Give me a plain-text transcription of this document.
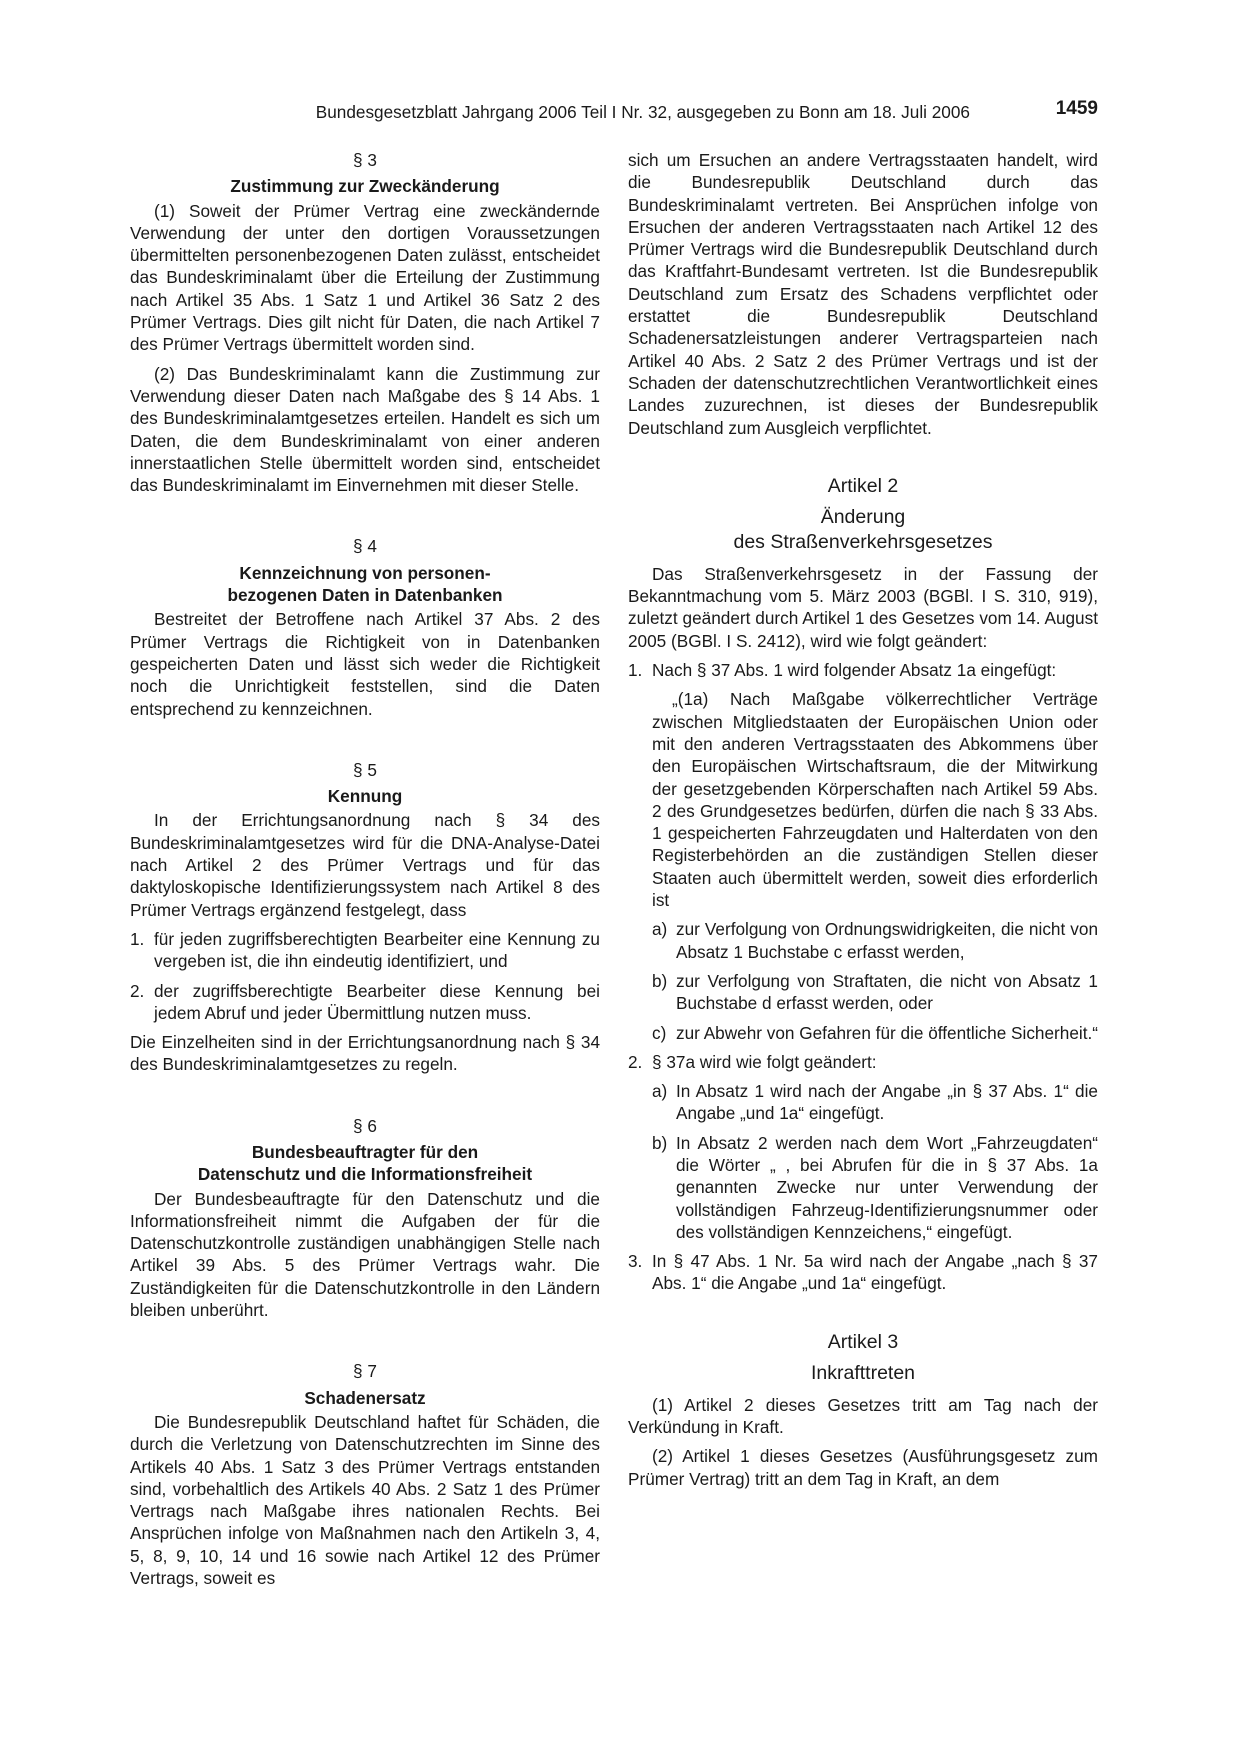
Bundesgesetzblatt Jahrgang 2006 Teil I Nr. 32, ausgegeben zu Bonn am 18. Juli 2006	1459
§ 3
Zustimmung zur Zweckänderung

(1) Soweit der Prümer Vertrag eine zweckändernde Verwendung der unter den dortigen Voraussetzungen übermittelten personenbezogenen Daten zulässt, entscheidet das Bundeskriminalamt über die Erteilung der Zustimmung nach Artikel 35 Abs. 1 Satz 1 und Artikel 36 Satz 2 des Prümer Vertrags. Dies gilt nicht für Daten, die nach Artikel 7 des Prümer Vertrags übermittelt worden sind.

(2) Das Bundeskriminalamt kann die Zustimmung zur Verwendung dieser Daten nach Maßgabe des § 14 Abs. 1 des Bundeskriminalamtgesetzes erteilen. Handelt es sich um Daten, die dem Bundeskriminalamt von einer anderen innerstaatlichen Stelle übermittelt worden sind, entscheidet das Bundeskriminalamt im Einvernehmen mit dieser Stelle.

§ 4
Kennzeichnung von personen-
bezogenen Daten in Datenbanken

Bestreitet der Betroffene nach Artikel 37 Abs. 2 des Prümer Vertrags die Richtigkeit von in Datenbanken gespeicherten Daten und lässt sich weder die Richtigkeit noch die Unrichtigkeit feststellen, sind die Daten entsprechend zu kennzeichnen.

§ 5
Kennung

In der Errichtungsanordnung nach § 34 des Bundeskriminalamtgesetzes wird für die DNA-Analyse-Datei nach Artikel 2 des Prümer Vertrags und für das daktyloskopische Identifizierungssystem nach Artikel 8 des Prümer Vertrags ergänzend festgelegt, dass

1. für jeden zugriffsberechtigten Bearbeiter eine Kennung zu vergeben ist, die ihn eindeutig identifiziert, und
2. der zugriffsberechtigte Bearbeiter diese Kennung bei jedem Abruf und jeder Übermittlung nutzen muss.

Die Einzelheiten sind in der Errichtungsanordnung nach § 34 des Bundeskriminalamtgesetzes zu regeln.

§ 6
Bundesbeauftragter für den
Datenschutz und die Informationsfreiheit

Der Bundesbeauftragte für den Datenschutz und die Informationsfreiheit nimmt die Aufgaben der für die Datenschutzkontrolle zuständigen unabhängigen Stelle nach Artikel 39 Abs. 5 des Prümer Vertrags wahr. Die Zuständigkeiten für die Datenschutzkontrolle in den Ländern bleiben unberührt.

§ 7
Schadenersatz

Die Bundesrepublik Deutschland haftet für Schäden, die durch die Verletzung von Datenschutzrechten im Sinne des Artikels 40 Abs. 1 Satz 3 des Prümer Vertrags entstanden sind, vorbehaltlich des Artikels 40 Abs. 2 Satz 1 des Prümer Vertrags nach Maßgabe ihres nationalen Rechts. Bei Ansprüchen infolge von Maßnahmen nach den Artikeln 3, 4, 5, 8, 9, 10, 14 und 16 sowie nach Artikel 12 des Prümer Vertrags, soweit es

sich um Ersuchen an andere Vertragsstaaten handelt, wird die Bundesrepublik Deutschland durch das Bundeskriminalamt vertreten. Bei Ansprüchen infolge von Ersuchen der anderen Vertragsstaaten nach Artikel 12 des Prümer Vertrags wird die Bundesrepublik Deutschland durch das Kraftfahrt-Bundesamt vertreten. Ist die Bundesrepublik Deutschland zum Ersatz des Schadens verpflichtet oder erstattet die Bundesrepublik Deutschland Schadenersatzleistungen anderer Vertragsparteien nach Artikel 40 Abs. 2 Satz 2 des Prümer Vertrags und ist der Schaden der datenschutzrechtlichen Verantwortlichkeit eines Landes zuzurechnen, ist dieses der Bundesrepublik Deutschland zum Ausgleich verpflichtet.

Artikel 2
Änderung
des Straßenverkehrsgesetzes

Das Straßenverkehrsgesetz in der Fassung der Bekanntmachung vom 5. März 2003 (BGBl. I S. 310, 919), zuletzt geändert durch Artikel 1 des Gesetzes vom 14. August 2005 (BGBl. I S. 2412), wird wie folgt geändert:

1. Nach § 37 Abs. 1 wird folgender Absatz 1a eingefügt:

„(1a) Nach Maßgabe völkerrechtlicher Verträge zwischen Mitgliedstaaten der Europäischen Union oder mit den anderen Vertragsstaaten des Abkommens über den Europäischen Wirtschaftsraum, die der Mitwirkung der gesetzgebenden Körperschaften nach Artikel 59 Abs. 2 des Grundgesetzes bedürfen, dürfen die nach § 33 Abs. 1 gespeicherten Fahrzeugdaten und Halterdaten von den Registerbehörden an die zuständigen Stellen dieser Staaten auch übermittelt werden, soweit dies erforderlich ist

a) zur Verfolgung von Ordnungswidrigkeiten, die nicht von Absatz 1 Buchstabe c erfasst werden,
b) zur Verfolgung von Straftaten, die nicht von Absatz 1 Buchstabe d erfasst werden, oder
c) zur Abwehr von Gefahren für die öffentliche Sicherheit.“
2. § 37a wird wie folgt geändert:
a) In Absatz 1 wird nach der Angabe „in § 37 Abs. 1“ die Angabe „und 1a“ eingefügt.
b) In Absatz 2 werden nach dem Wort „Fahrzeugdaten“ die Wörter „ , bei Abrufen für die in § 37 Abs. 1a genannten Zwecke nur unter Verwendung der vollständigen Fahrzeug-Identifizierungsnummer oder des vollständigen Kennzeichens,“ eingefügt.
3. In § 47 Abs. 1 Nr. 5a wird nach der Angabe „nach § 37 Abs. 1“ die Angabe „und 1a“ eingefügt.
Artikel 3
Inkrafttreten

(1) Artikel 2 dieses Gesetzes tritt am Tag nach der Verkündung in Kraft.

(2) Artikel 1 dieses Gesetzes (Ausführungsgesetz zum Prümer Vertrag) tritt an dem Tag in Kraft, an dem
